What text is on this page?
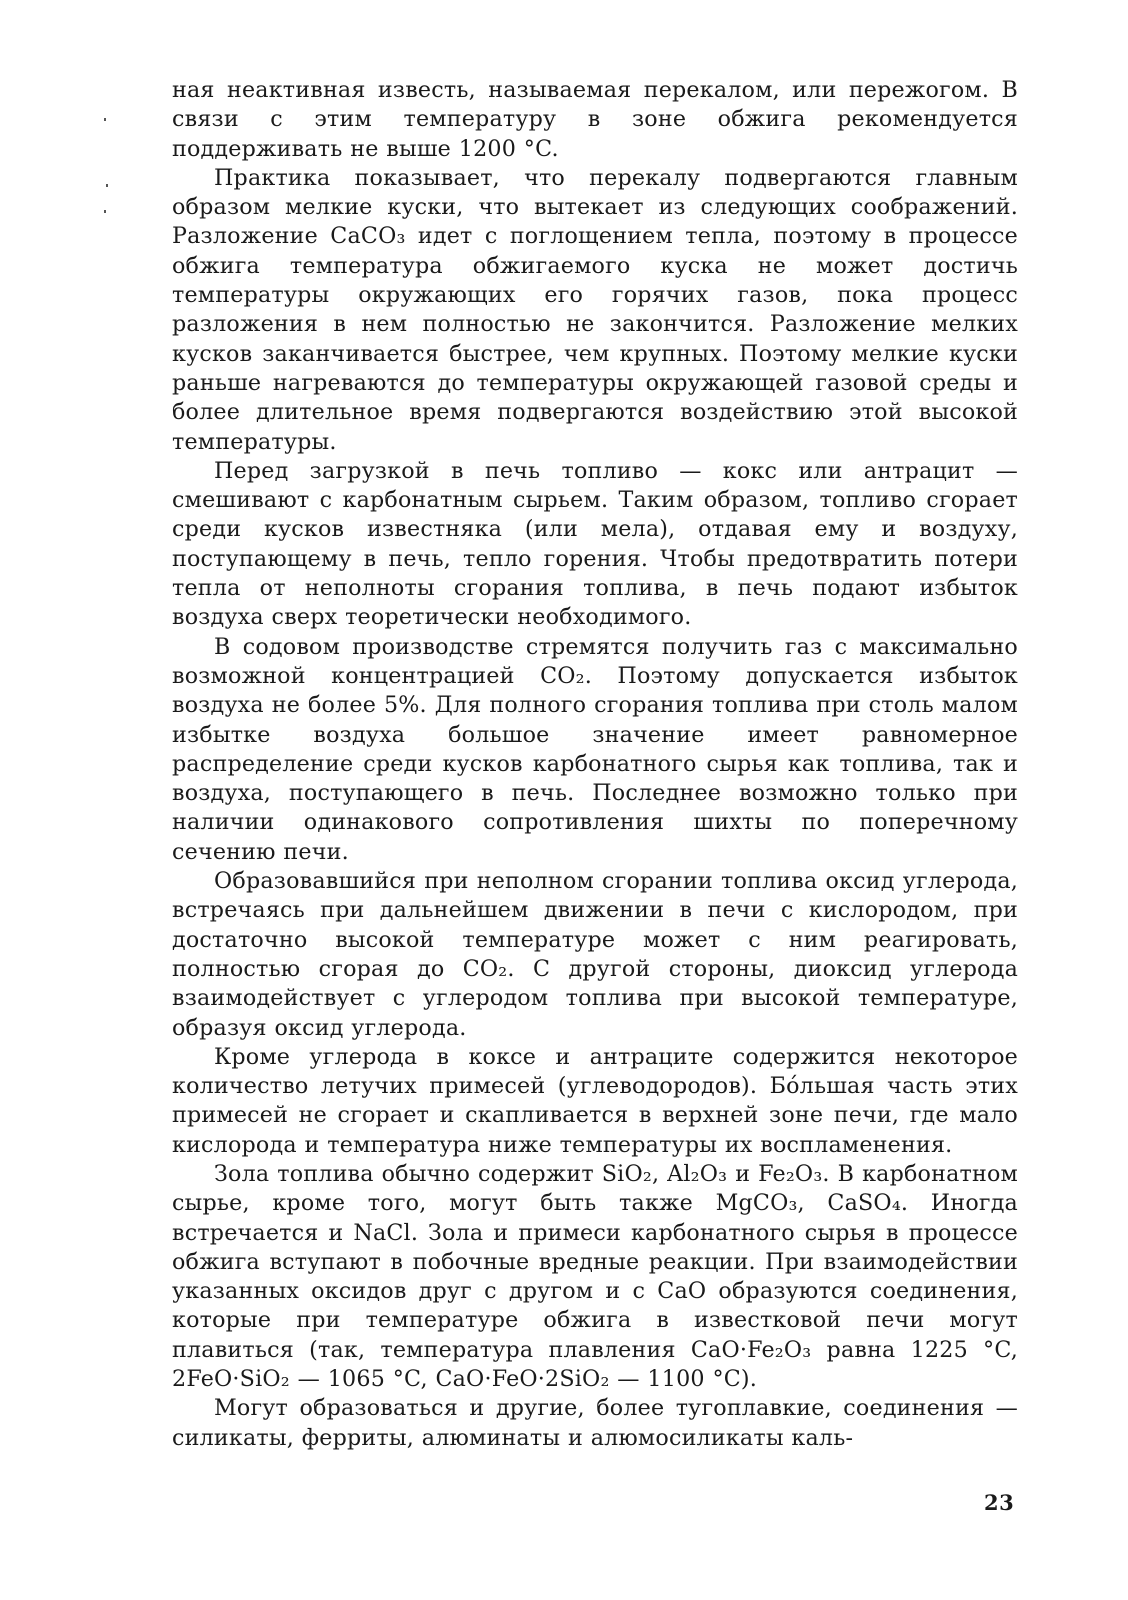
ная неактивная известь, называемая перекалом, или пережогом. В связи с этим температуру в зоне обжига рекомендуется поддерживать не выше 1200 °C.

Практика показывает, что перекалу подвергаются главным образом мелкие куски, что вытекает из следующих соображений. Разложение CaCO₃ идет с поглощением тепла, поэтому в процессе обжига температура обжигаемого куска не может достичь температуры окружающих его горячих газов, пока процесс разложения в нем полностью не закончится. Разложение мелких кусков заканчивается быстрее, чем крупных. Поэтому мелкие куски раньше нагреваются до температуры окружающей газовой среды и более длительное время подвергаются воздействию этой высокой температуры.

Перед загрузкой в печь топливо — кокс или антрацит — смешивают с карбонатным сырьем. Таким образом, топливо сгорает среди кусков известняка (или мела), отдавая ему и воздуху, поступающему в печь, тепло горения. Чтобы предотвратить потери тепла от неполноты сгорания топлива, в печь подают избыток воздуха сверх теоретически необходимого.

В содовом производстве стремятся получить газ с максимально возможной концентрацией CO₂. Поэтому допускается избыток воздуха не более 5%. Для полного сгорания топлива при столь малом избытке воздуха большое значение имеет равномерное распределение среди кусков карбонатного сырья как топлива, так и воздуха, поступающего в печь. Последнее возможно только при наличии одинакового сопротивления шихты по поперечному сечению печи.

Образовавшийся при неполном сгорании топлива оксид углерода, встречаясь при дальнейшем движении в печи с кислородом, при достаточно высокой температуре может с ним реагировать, полностью сгорая до CO₂. С другой стороны, диоксид углерода взаимодействует с углеродом топлива при высокой температуре, образуя оксид углерода.

Кроме углерода в коксе и антраците содержится некоторое количество летучих примесей (углеводородов). Бо́льшая часть этих примесей не сгорает и скапливается в верхней зоне печи, где мало кислорода и температура ниже температуры их воспламенения.

Зола топлива обычно содержит SiO₂, Al₂O₃ и Fe₂O₃. В карбонатном сырье, кроме того, могут быть также MgCO₃, CaSO₄. Иногда встречается и NaCl. Зола и примеси карбонатного сырья в процессе обжига вступают в побочные вредные реакции. При взаимодействии указанных оксидов друг с другом и с CaO образуются соединения, которые при температуре обжига в известковой печи могут плавиться (так, температура плавления CaO·Fe₂O₃ равна 1225 °C, 2FeO·SiO₂ — 1065 °C, CaO·FeO·2SiO₂ — 1100 °C).

Могут образоваться и другие, более тугоплавкие, соединения — силикаты, ферриты, алюминаты и алюмосиликаты каль-

23
